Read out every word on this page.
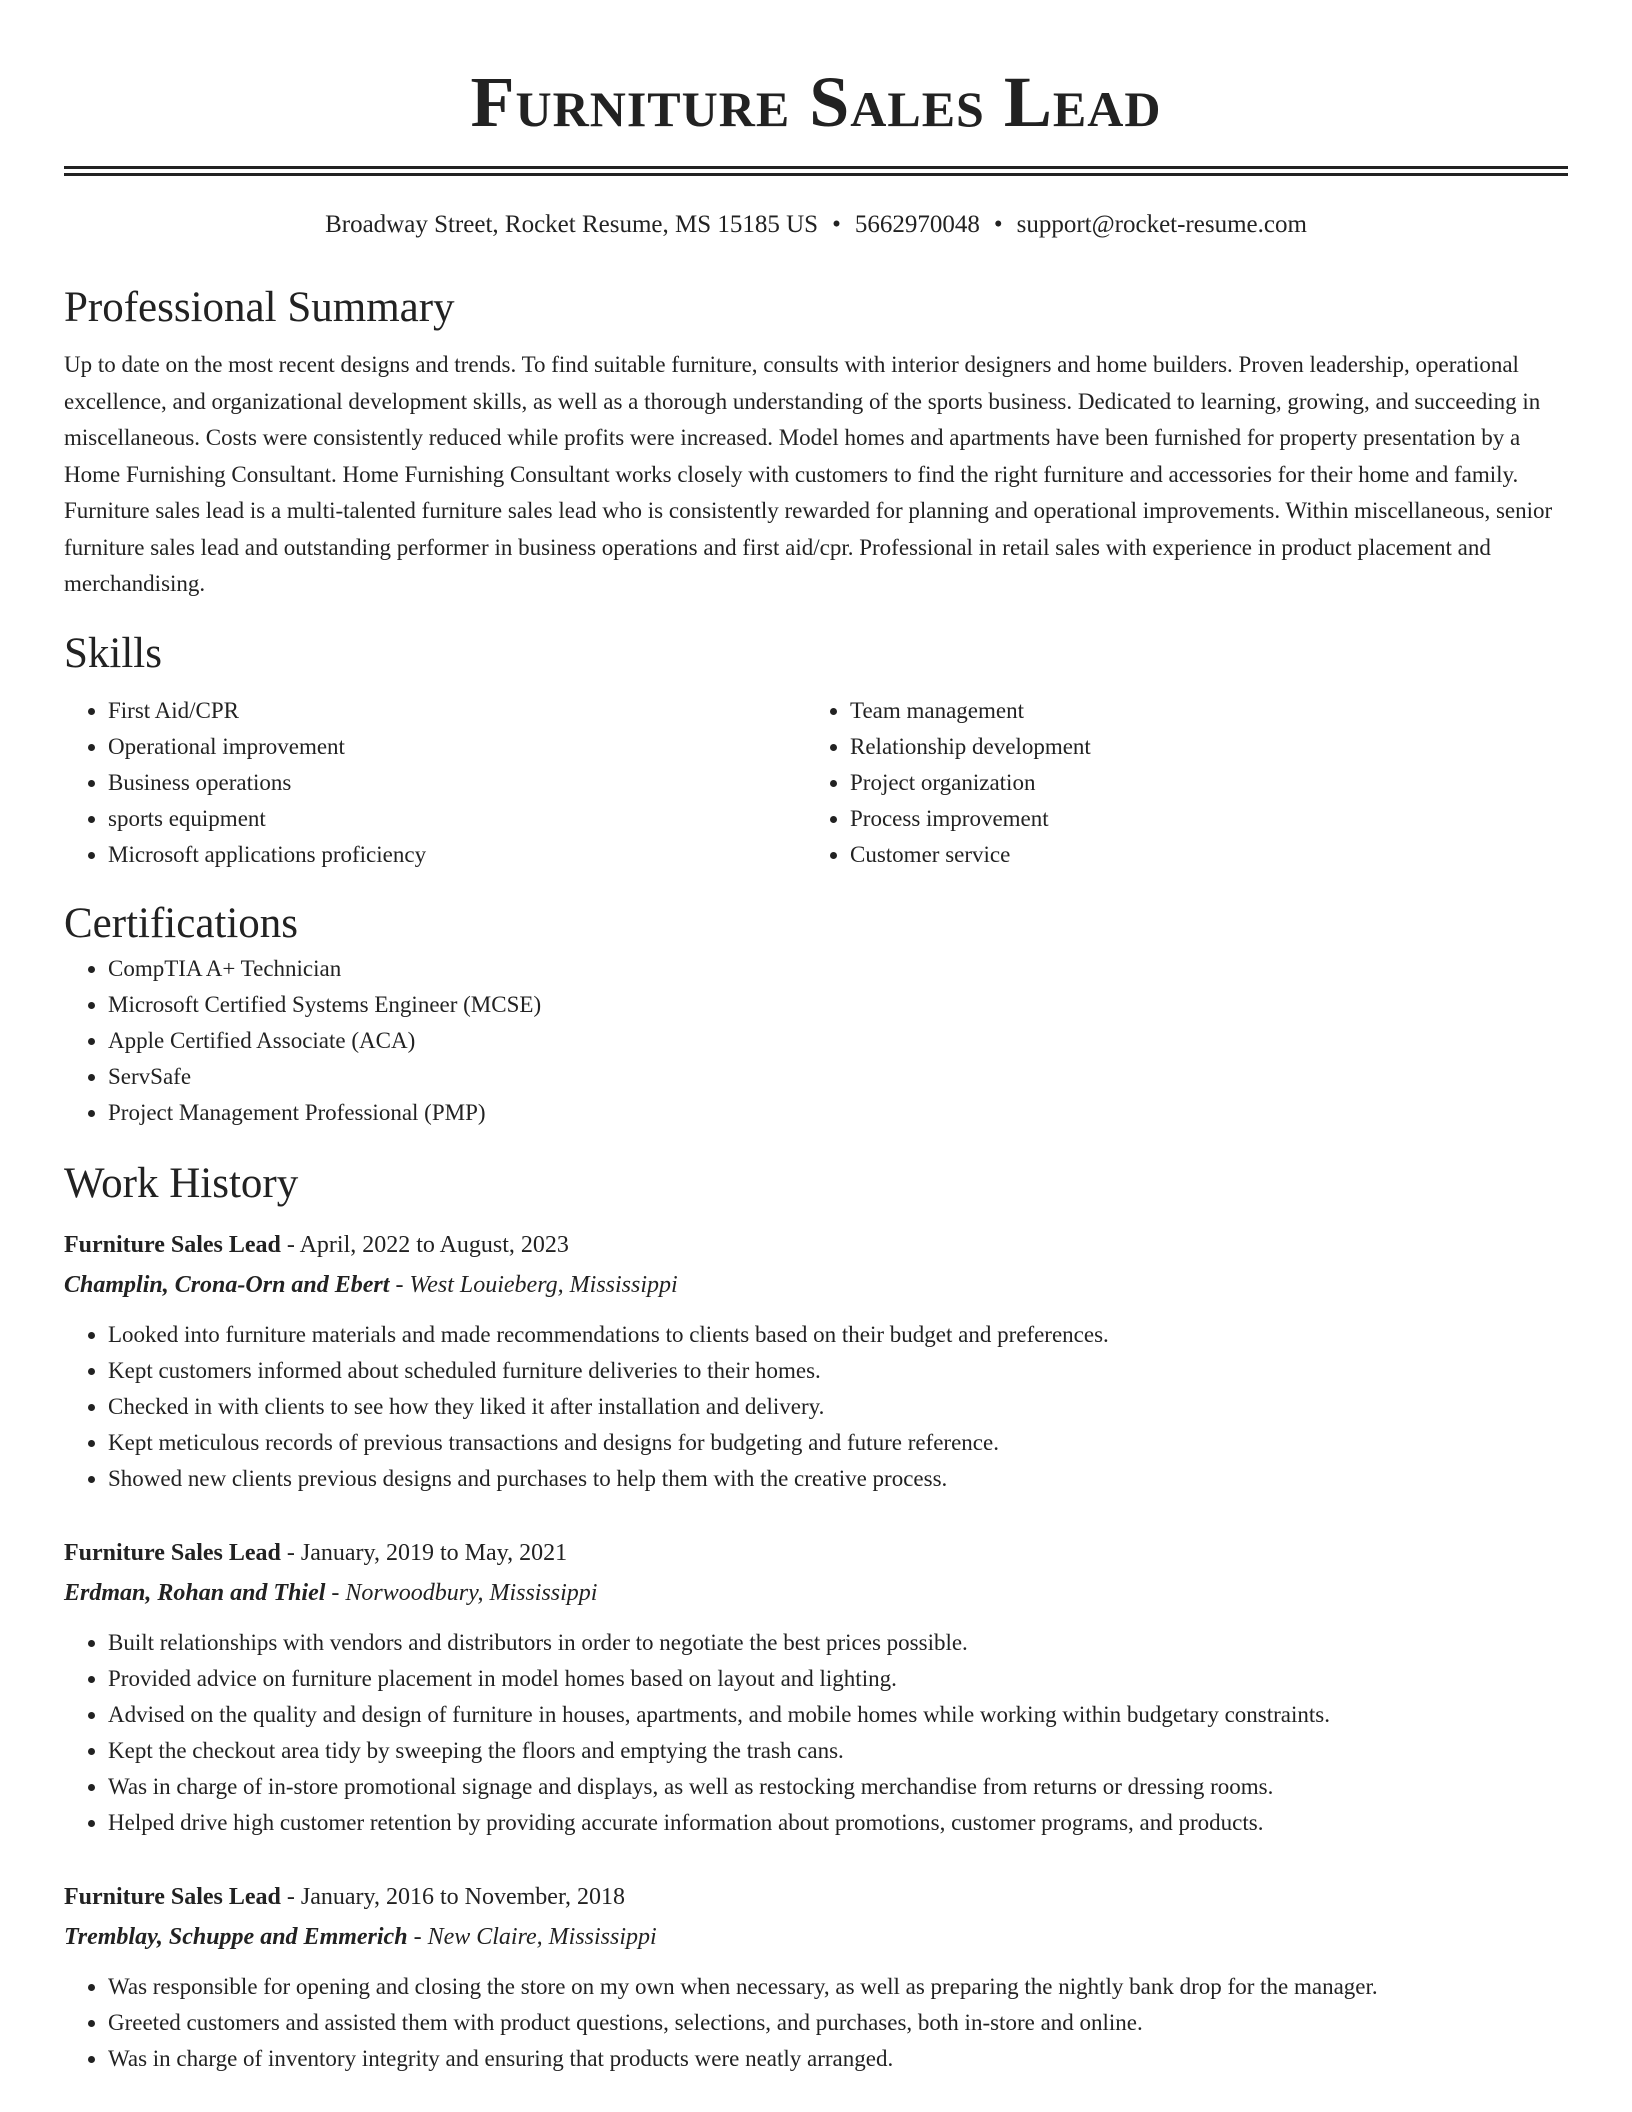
Furniture Sales Lead
Broadway Street, Rocket Resume, MS 15185 US • 5662970048 • support@rocket-resume.com
Professional Summary
Up to date on the most recent designs and trends. To find suitable furniture, consults with interior designers and home builders. Proven leadership, operational excellence, and organizational development skills, as well as a thorough understanding of the sports business. Dedicated to learning, growing, and succeeding in miscellaneous. Costs were consistently reduced while profits were increased. Model homes and apartments have been furnished for property presentation by a Home Furnishing Consultant. Home Furnishing Consultant works closely with customers to find the right furniture and accessories for their home and family. Furniture sales lead is a multi-talented furniture sales lead who is consistently rewarded for planning and operational improvements. Within miscellaneous, senior furniture sales lead and outstanding performer in business operations and first aid/cpr. Professional in retail sales with experience in product placement and merchandising.
Skills
• First Aid/CPR
• Operational improvement
• Business operations
• sports equipment
• Microsoft applications proficiency
• Team management
• Relationship development
• Project organization
• Process improvement
• Customer service
Certifications
• CompTIA A+ Technician
• Microsoft Certified Systems Engineer (MCSE)
• Apple Certified Associate (ACA)
• ServSafe
• Project Management Professional (PMP)
Work History
Furniture Sales Lead - April, 2022 to August, 2023
Champlin, Crona-Orn and Ebert - West Louieberg, Mississippi
• Looked into furniture materials and made recommendations to clients based on their budget and preferences.
• Kept customers informed about scheduled furniture deliveries to their homes.
• Checked in with clients to see how they liked it after installation and delivery.
• Kept meticulous records of previous transactions and designs for budgeting and future reference.
• Showed new clients previous designs and purchases to help them with the creative process.
Furniture Sales Lead - January, 2019 to May, 2021
Erdman, Rohan and Thiel - Norwoodbury, Mississippi
• Built relationships with vendors and distributors in order to negotiate the best prices possible.
• Provided advice on furniture placement in model homes based on layout and lighting.
• Advised on the quality and design of furniture in houses, apartments, and mobile homes while working within budgetary constraints.
• Kept the checkout area tidy by sweeping the floors and emptying the trash cans.
• Was in charge of in-store promotional signage and displays, as well as restocking merchandise from returns or dressing rooms.
• Helped drive high customer retention by providing accurate information about promotions, customer programs, and products.
Furniture Sales Lead - January, 2016 to November, 2018
Tremblay, Schuppe and Emmerich - New Claire, Mississippi
• Was responsible for opening and closing the store on my own when necessary, as well as preparing the nightly bank drop for the manager.
• Greeted customers and assisted them with product questions, selections, and purchases, both in-store and online.
• Was in charge of inventory integrity and ensuring that products were neatly arranged.
